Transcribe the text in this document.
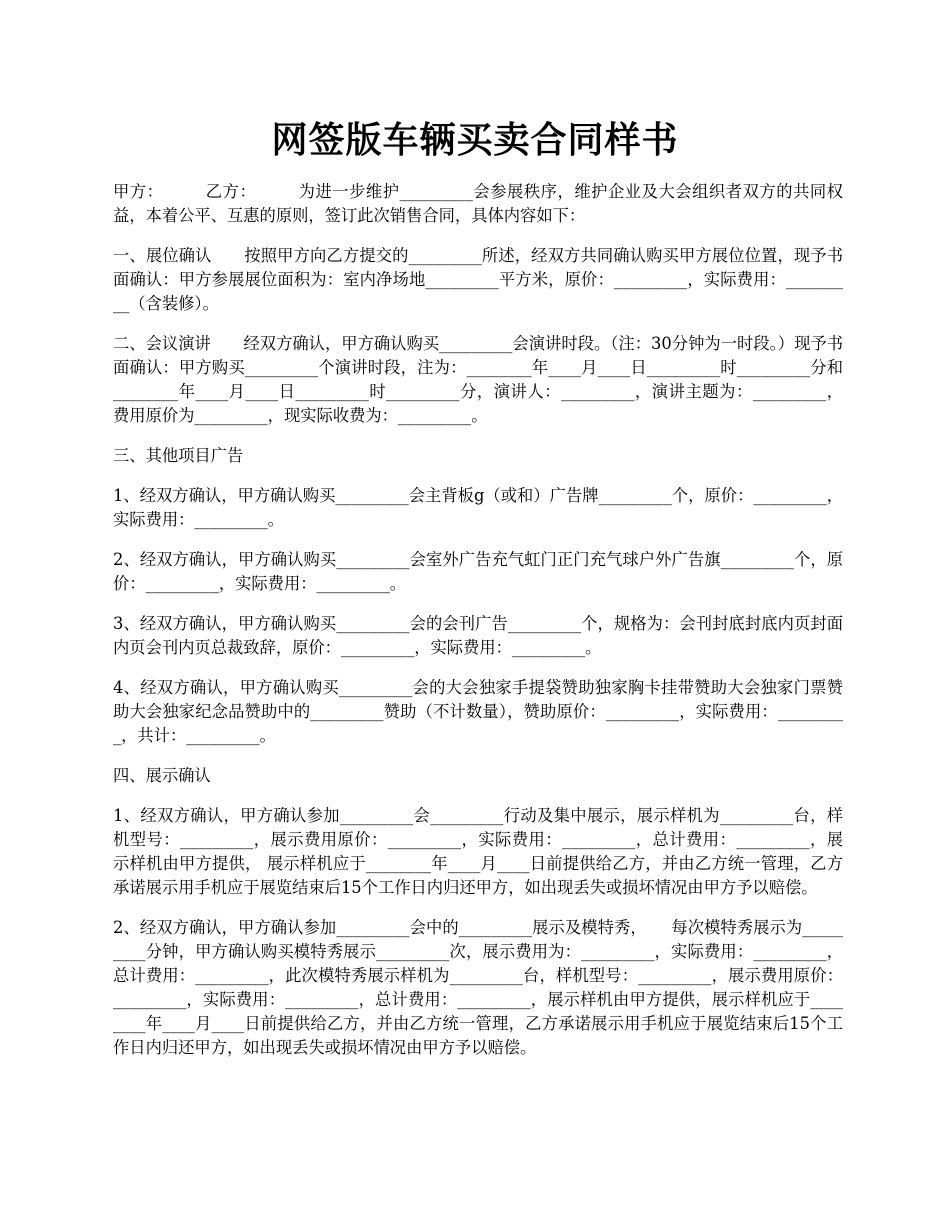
网签版车辆买卖合同样书

甲方：　　　乙方：　　　为进一步维护_________会参展秩序，维护企业及大会组织者双方的共同权益，本着公平、互惠的原则，签订此次销售合同，具体内容如下：

一、展位确认　　按照甲方向乙方提交的_________所述，经双方共同确认购买甲方展位位置，现予书面确认：甲方参展展位面积为：室内净场地_________平方米，原价：_________，实际费用：_________（含装修）。

二、会议演讲　　经双方确认，甲方确认购买_________会演讲时段。（注：30分钟为一时段。）现予书面确认：甲方购买_________个演讲时段，注为：________年____月____日_________时_________分和________年____月____日_________时_________分，演讲人：_________，演讲主题为：_________，费用原价为_________，现实际收费为：_________。

三、其他项目广告

1、经双方确认，甲方确认购买_________会主背板g（或和）广告牌_________个，原价：_________，实际费用：_________。

2、经双方确认，甲方确认购买_________会室外广告充气虹门正门充气球户外广告旗_________个，原价：_________，实际费用：_________。

3、经双方确认，甲方确认购买_________会的会刊广告_________个，规格为：会刊封底封底内页封面内页会刊内页总裁致辞，原价：_________，实际费用：_________。

4、经双方确认，甲方确认购买_________会的大会独家手提袋赞助独家胸卡挂带赞助大会独家门票赞助大会独家纪念品赞助中的_________赞助（不计数量），赞助原价：_________，实际费用：_________，共计：_________。

四、展示确认

1、经双方确认，甲方确认参加_________会_________行动及集中展示，展示样机为_________台，样机型号：_________，展示费用原价：_________，实际费用：_________，总计费用：_________，展示样机由甲方提供， 展示样机应于________年____月____日前提供给乙方，并由乙方统一管理，乙方承诺展示用手机应于展览结束后15个工作日内归还甲方，如出现丢失或损坏情况由甲方予以赔偿。

2、经双方确认，甲方确认参加_________会中的_________展示及模特秀，　　每次模特秀展示为_________分钟，甲方确认购买模特秀展示_________次，展示费用为：_________，实际费用：_________，总计费用：_________，此次模特秀展示样机为_________台，样机型号：_________，展示费用原价：_________，实际费用：_________，总计费用：_________，展示样机由甲方提供，展示样机应于________年____月____日前提供给乙方，并由乙方统一管理，乙方承诺展示用手机应于展览结束后15个工作日内归还甲方，如出现丢失或损坏情况由甲方予以赔偿。
